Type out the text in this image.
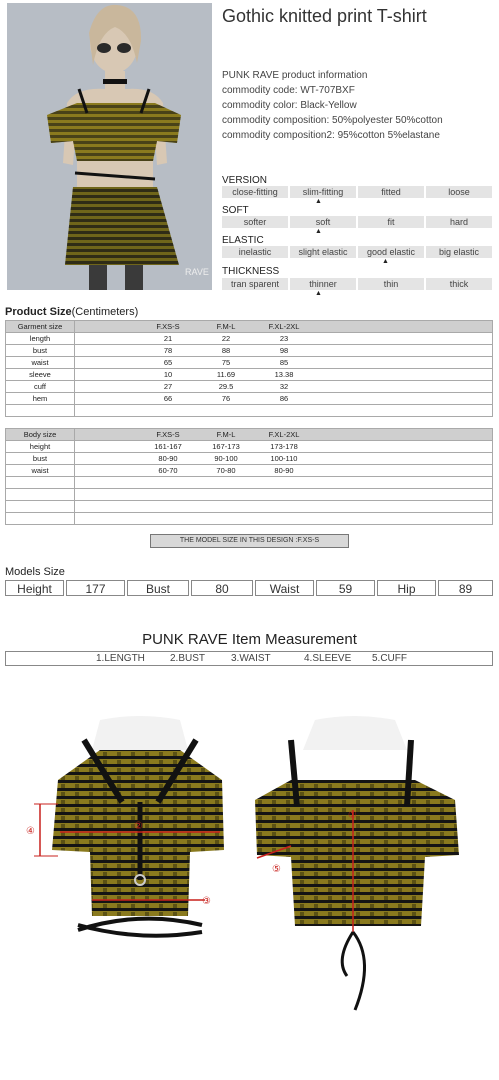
RAVE
Gothic knitted print T-shirt
PUNK RAVE product information
commodity code: WT-707BXF
commodity color: Black-Yellow
commodity composition: 50%polyester 50%cotton
commodity composition2: 95%cotton 5%elastane
VERSION
close-fitting	slim-fitting	fitted	loose
▲
SOFT
softer	soft	fit	hard
▲
ELASTIC
inelastic	slight elastic	good elastic	big elastic
▲
THICKNESS
tran sparent	thinner	thin	thick
▲
Product Size(Centimeters)
Garment size		F.XS-S	F.M-L	F.XL-2XL	
length		21	22	23	
bust		78	88	98	
waist		65	75	85	
sleeve		10	11.69	13.38	
cuff		27	29.5	32	
hem		66	76	86	

Body size		F.XS-S	F.M-L	F.XL-2XL	
height		161-167	167-173	173-178	
bust		80-90	90-100	100-110	
waist		60-70	70-80	80-90	

THE MODEL SIZE IN THIS DESIGN :F.XS-S
Models Size
Height	177	Bust	80	Waist	59	Hip	89
PUNK RAVE Item Measurement
1.LENGTH	2.BUST	3.WAIST	4.SLEEVE 5.CUFF
④
③
②
①
⑤
